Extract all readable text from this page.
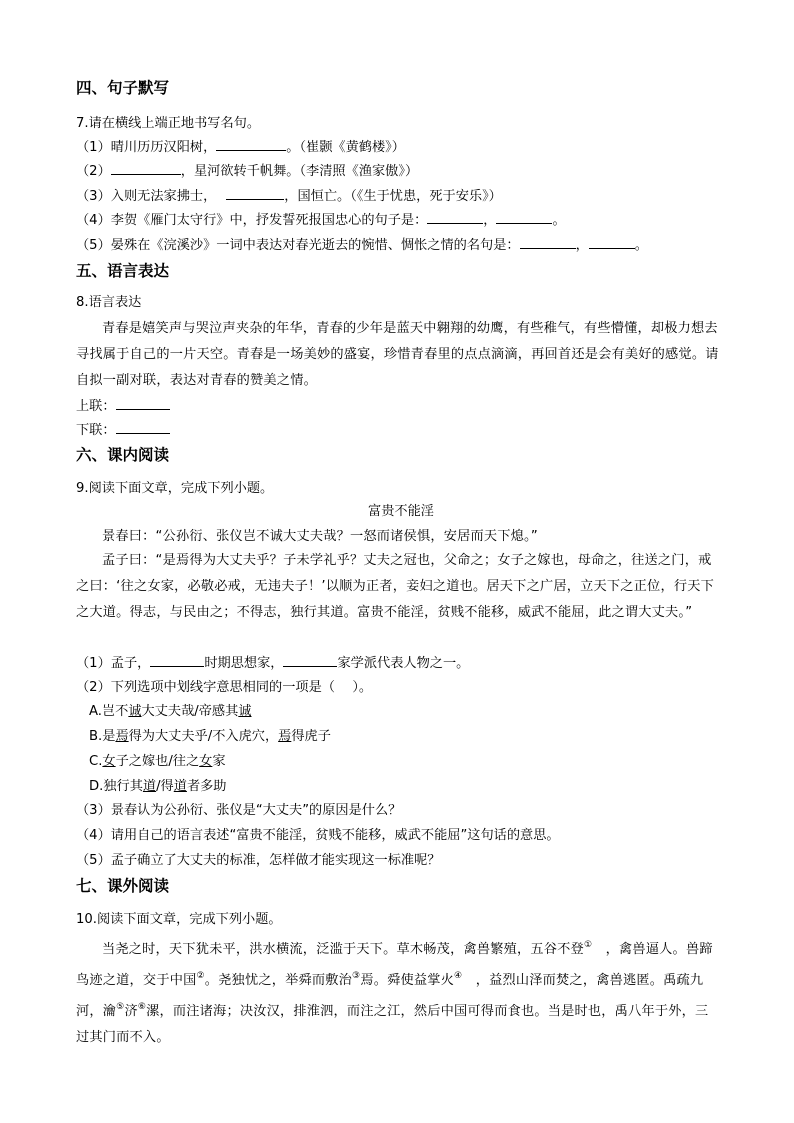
四、句子默写
7.请在横线上端正地书写名句。
（1）晴川历历汉阳树，	。（崔颢《黄鹤楼》）
（2）	，星河欲转千帆舞。（李清照《渔家傲》）
（3）入则无法家拂士，	，国恒亡。（《生于忧患，死于安乐》）
（4）李贺《雁门太守行》中，抒发誓死报国忠心的句子是：	，	。
（5）晏殊在《浣溪沙》一词中表达对春光逝去的惋惜、惆怅之情的名句是：	，	。
五、语言表达
8.语言表达
青春是嬉笑声与哭泣声夹杂的年华，青春的少年是蓝天中翱翔的幼鹰，有些稚气，有些懵懂，却极力想去寻找属于自己的一片天空。青春是一场美妙的盛宴，珍惜青春里的点点滴滴，再回首还是会有美好的感觉。请自拟一副对联，表达对青春的赞美之情。
上联：
下联：
六、课内阅读
9.阅读下面文章，完成下列小题。
富贵不能淫
景春曰：“公孙衍、张仪岂不诚大丈夫哉？一怒而诸侯惧，安居而天下熄。”
孟子曰：“是焉得为大丈夫乎？子未学礼乎？丈夫之冠也，父命之；女子之嫁也，母命之，往送之门，戒之曰：‘往之女家，必敬必戒，无违夫子！’以顺为正者，妾妇之道也。居天下之广居，立天下之正位，行天下之大道。得志，与民由之；不得志，独行其道。富贵不能淫，贫贱不能移，威武不能屈，此之谓大丈夫。”
（1）孟子，	时期思想家，	家学派代表人物之一。
（2）下列选项中划线字意思相同的一项是（　 ）。
A.岂不诚大丈夫哉/帝感其诚
B.是焉得为大丈夫乎/不入虎穴，焉得虎子
C.女子之嫁也/往之女家
D.独行其道/得道者多助
（3）景春认为公孙衍、张仪是“大丈夫”的原因是什么？
（4）请用自己的语言表述“富贵不能淫，贫贱不能移，威武不能屈”这句话的意思。
（5）孟子确立了大丈夫的标准，怎样做才能实现这一标准呢？
七、课外阅读
10.阅读下面文章，完成下列小题。
当尧之时，天下犹未平，洪水横流，泛滥于天下。草木畅茂，禽兽繁殖，五谷不登①　，禽兽逼人。兽蹄鸟迹之道，交于中国②。尧独忧之，举舜而敷治③焉。舜使益掌火④　，益烈山泽而焚之，禽兽逃匿。禹疏九河，瀹⑤济⑥漯，而注诸海；决汝汉，排淮泗，而注之江，然后中国可得而食也。当是时也，禹八年于外，三过其门而不入。
